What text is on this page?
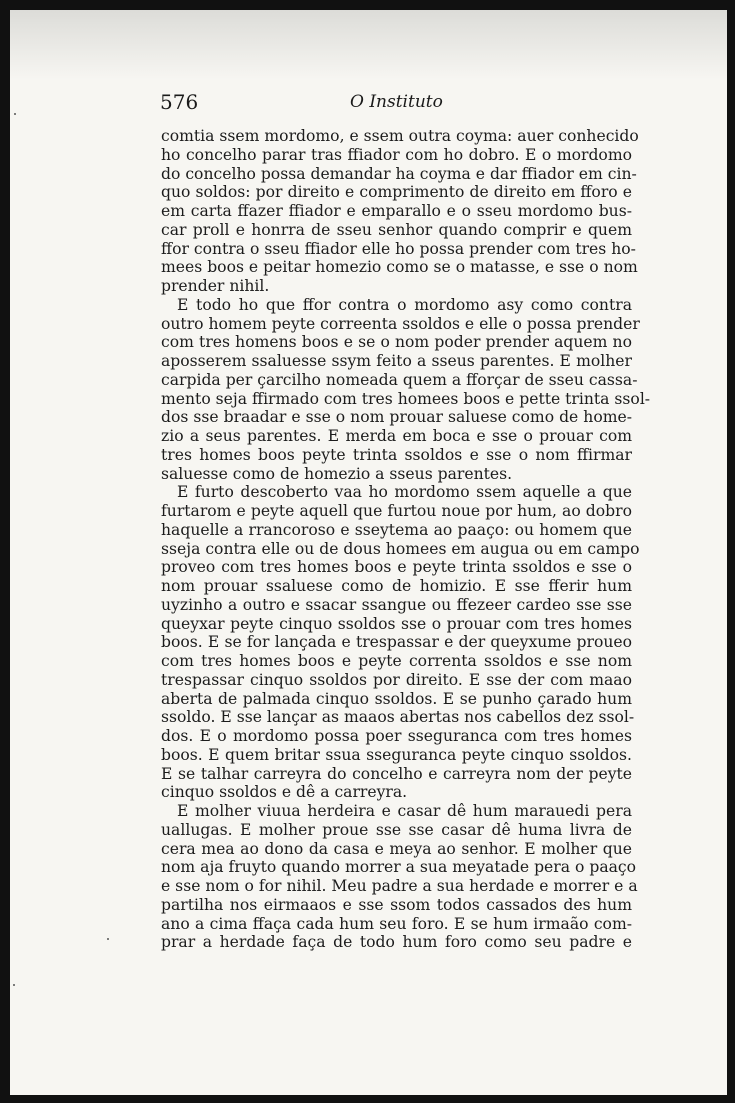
576	O Instituto
comtia ssem mordomo, e ssem outra coyma: auer conhecido
ho concelho parar tras ffiador com ho dobro. E o mordomo
do concelho possa demandar ha coyma e dar ffiador em cin-
quo soldos: por direito e comprimento de direito em fforo e
em carta ffazer ffiador e emparallo e o sseu mordomo bus-
car proll e honrra de sseu senhor quando comprir e quem
ffor contra o sseu ffiador elle ho possa prender com tres ho-
mees boos e peitar homezio como se o matasse, e sse o nom
prender nihil.
E todo ho que ffor contra o mordomo asy como contra
outro homem peyte correenta ssoldos e elle o possa prender
com tres homens boos e se o nom poder prender aquem no
aposserem ssaluesse ssym feito a sseus parentes. E molher
carpida per çarcilho nomeada quem a fforçar de sseu cassa-
mento seja ffirmado com tres homees boos e pette trinta ssol-
dos sse braadar e sse o nom prouar saluese como de home-
zio a seus parentes. E merda em boca e sse o prouar com
tres homes boos peyte trinta ssoldos e sse o nom ffirmar
saluesse como de homezio a sseus parentes.
E furto descoberto vaa ho mordomo ssem aquelle a que
furtarom e peyte aquell que furtou noue por hum, ao dobro
haquelle a rrancoroso e sseytema ao paaço: ou homem que
sseja contra elle ou de dous homees em augua ou em campo
proveo com tres homes boos e peyte trinta ssoldos e sse o
nom prouar ssaluese como de homizio. E sse fferir hum
uyzinho a outro e ssacar ssangue ou ffezeer cardeo sse sse
queyxar peyte cinquo ssoldos sse o prouar com tres homes
boos. E se for lançada e trespassar e der queyxume proueo
com tres homes boos e peyte correnta ssoldos e sse nom
trespassar cinquo ssoldos por direito. E sse der com maao
aberta de palmada cinquo ssoldos. E se punho çarado hum
ssoldo. E sse lançar as maaos abertas nos cabellos dez ssol-
dos. E o mordomo possa poer sseguranca com tres homes
boos. E quem britar ssua sseguranca peyte cinquo ssoldos.
E se talhar carreyra do concelho e carreyra nom der peyte
cinquo ssoldos e dê a carreyra.
E molher viuua herdeira e casar dê hum marauedi pera
uallugas. E molher proue sse sse casar dê huma livra de
cera mea ao dono da casa e meya ao senhor. E molher que
nom aja fruyto quando morrer a sua meyatade pera o paaço
e sse nom o for nihil. Meu padre a sua herdade e morrer e a
partilha nos eirmaaos e sse ssom todos cassados des hum
ano a cima ffaça cada hum seu foro. E se hum irmaão com-
prar a herdade faça de todo hum foro como seu padre e
